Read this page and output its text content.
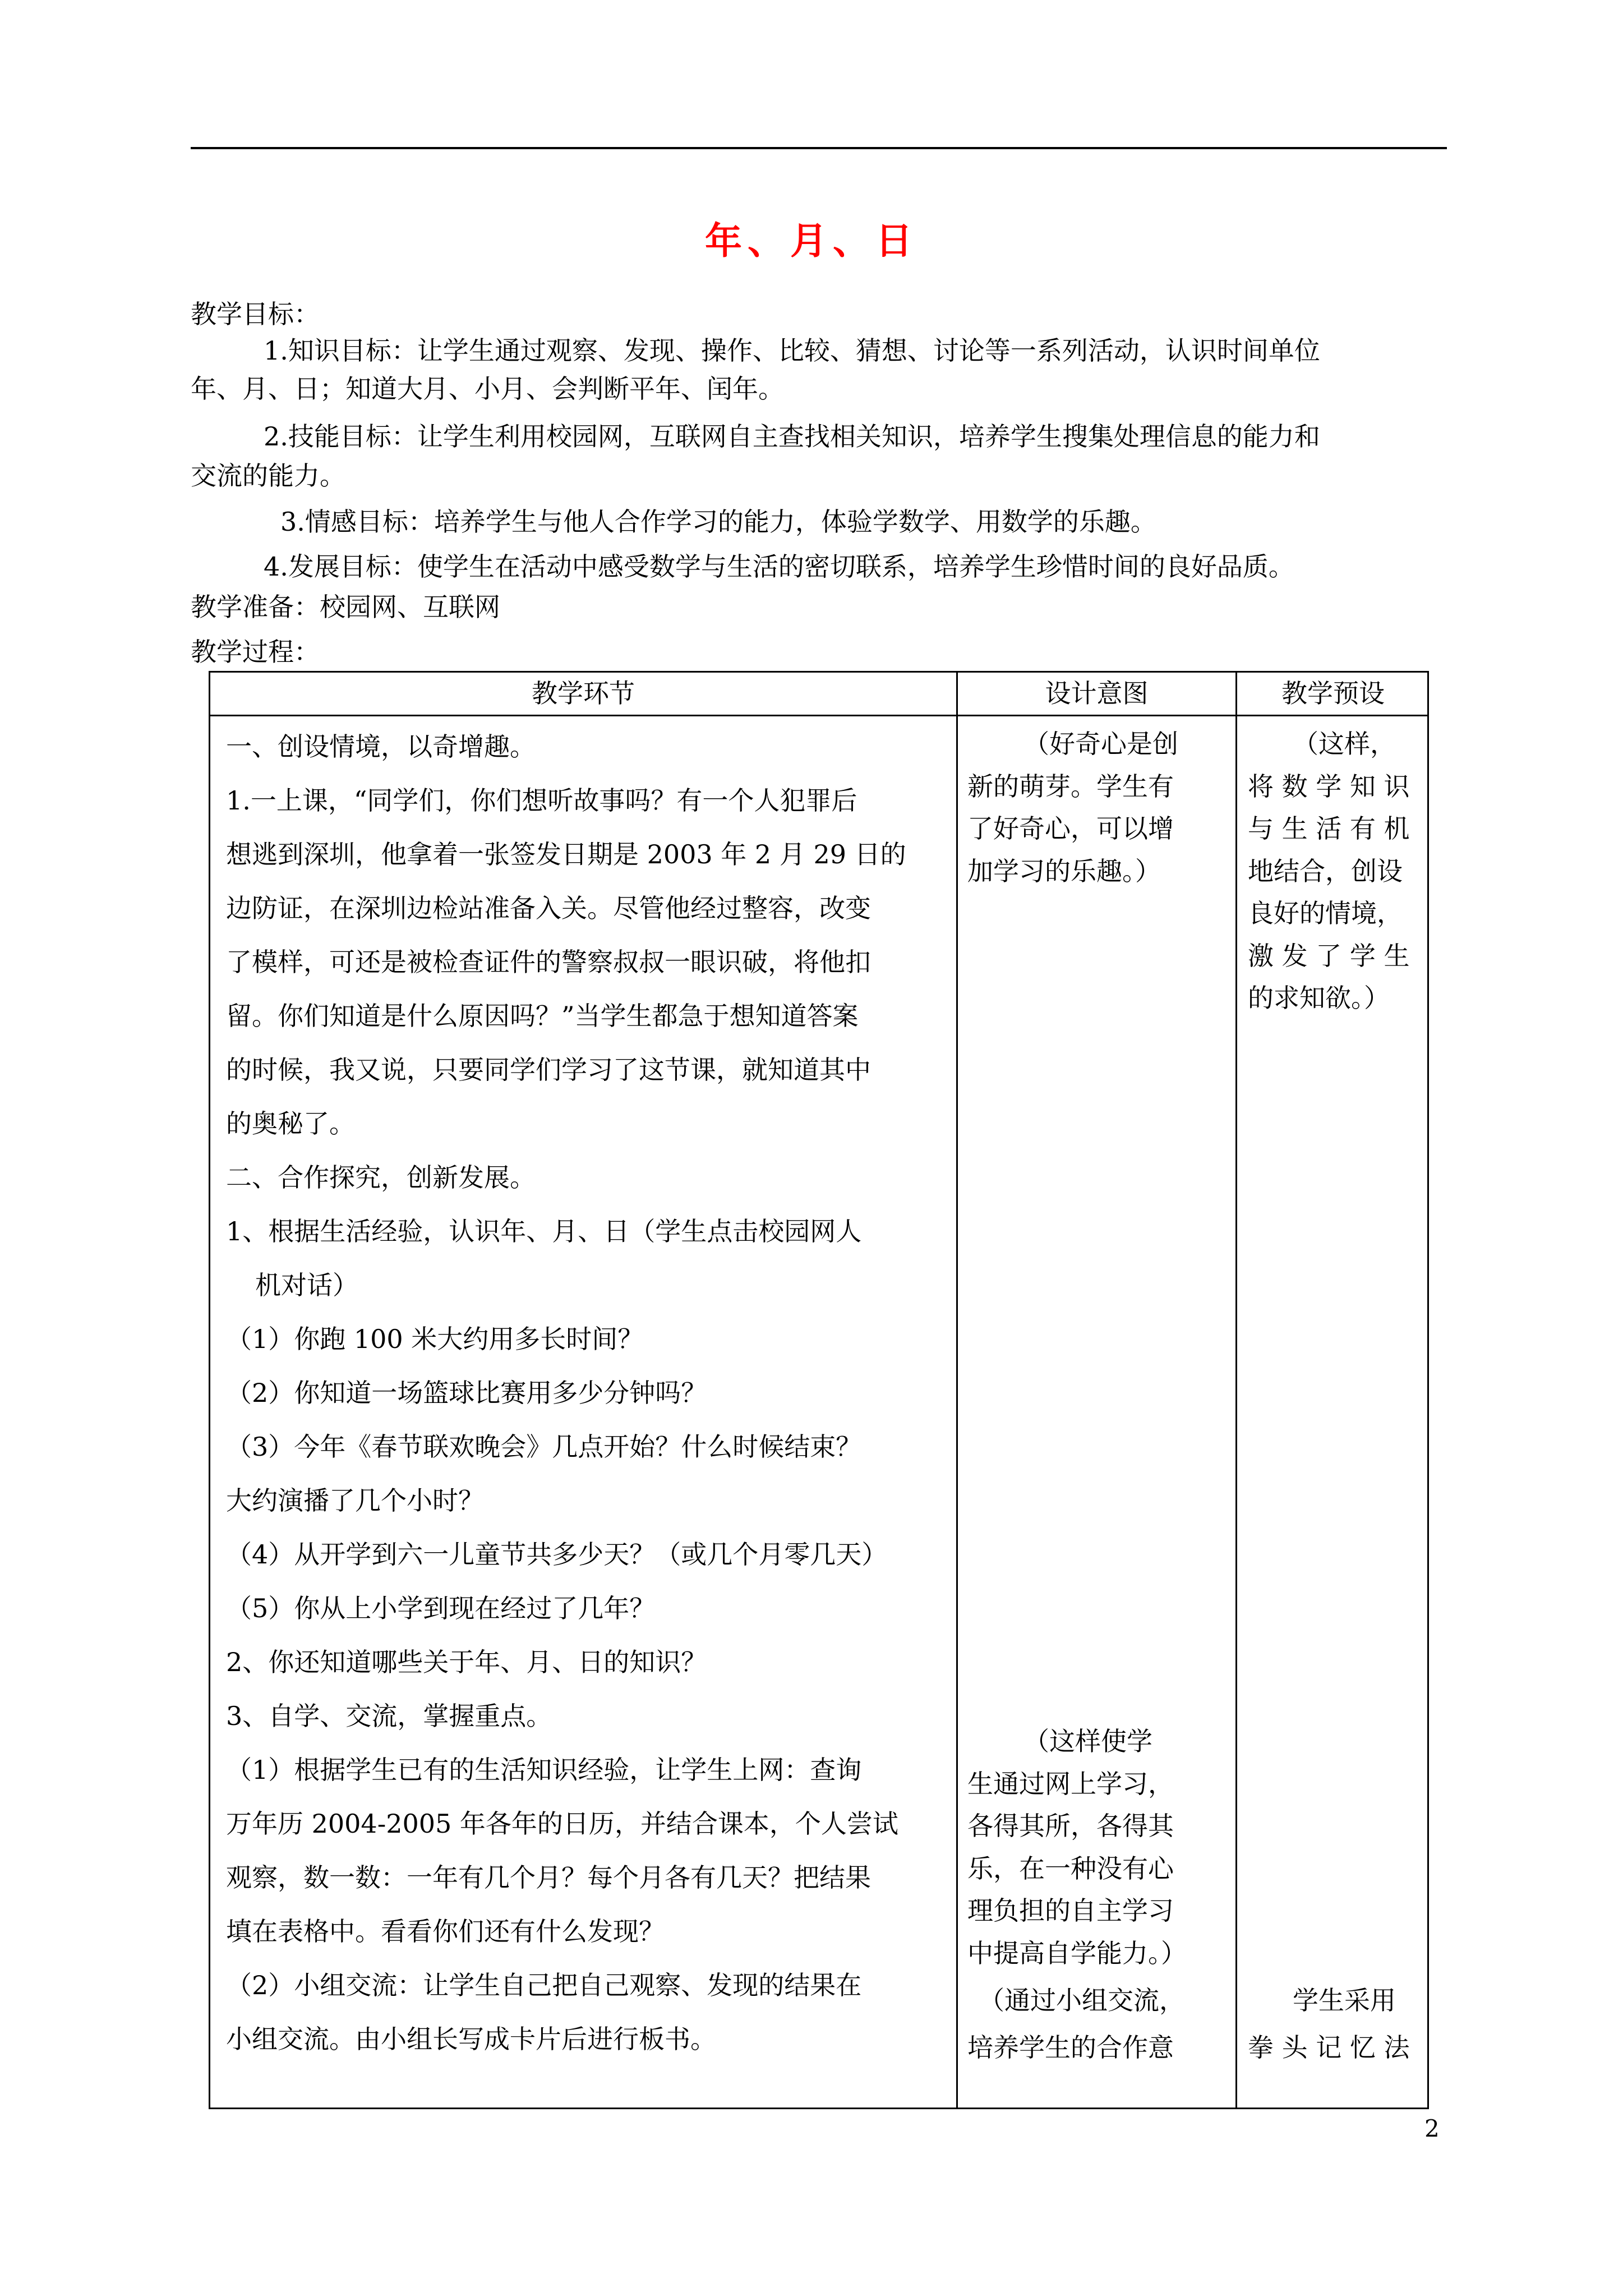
年、月、日
教学目标：
1.知识目标：让学生通过观察、发现、操作、比较、猜想、讨论等一系列活动，认识时间单位
年、月、日；知道大月、小月、会判断平年、闰年。
2.技能目标：让学生利用校园网，互联网自主查找相关知识，培养学生搜集处理信息的能力和
交流的能力。
3.情感目标：培养学生与他人合作学习的能力，体验学数学、用数学的乐趣。
4.发展目标：使学生在活动中感受数学与生活的密切联系，培养学生珍惜时间的良好品质。
教学准备：校园网、互联网
教学过程：
教学环节	设计意图	教学预设
一、创设情境，以奇增趣。
1.一上课，“同学们，你们想听故事吗？有一个人犯罪后
想逃到深圳，他拿着一张签发日期是 2003 年 2 月 29 日的
边防证，在深圳边检站准备入关。尽管他经过整容，改变
了模样，可还是被检查证件的警察叔叔一眼识破，将他扣
留。你们知道是什么原因吗？”当学生都急于想知道答案
的时候，我又说，只要同学们学习了这节课，就知道其中
的奥秘了。
二、合作探究，创新发展。
1、根据生活经验，认识年、月、日（学生点击校园网人
机对话）
（1）你跑 100 米大约用多长时间？
（2）你知道一场篮球比赛用多少分钟吗？
（3）今年《春节联欢晚会》几点开始？什么时候结束？
大约演播了几个小时？
（4）从开学到六一儿童节共多少天？（或几个月零几天）
（5）你从上小学到现在经过了几年？
2、你还知道哪些关于年、月、日的知识？
3、自学、交流，掌握重点。
（1）根据学生已有的生活知识经验，让学生上网：查询
万年历 2004-2005 年各年的日历，并结合课本，个人尝试
观察，数一数：一年有几个月？每个月各有几天？把结果
填在表格中。看看你们还有什么发现？
（2）小组交流：让学生自己把自己观察、发现的结果在
小组交流。由小组长写成卡片后进行板书。
（好奇心是创
新的萌芽。学生有
了好奇心，可以增
加学习的乐趣。）
（这样使学
生通过网上学习，
各得其所，各得其
乐，在一种没有心
理负担的自主学习
中提高自学能力。）
（通过小组交流，
培养学生的合作意
（这样，
将 数 学 知 识
与 生 活 有 机
地结合，创设
良好的情境，
激 发 了 学 生
的求知欲。）
学生采用
拳 头 记 忆 法
2
